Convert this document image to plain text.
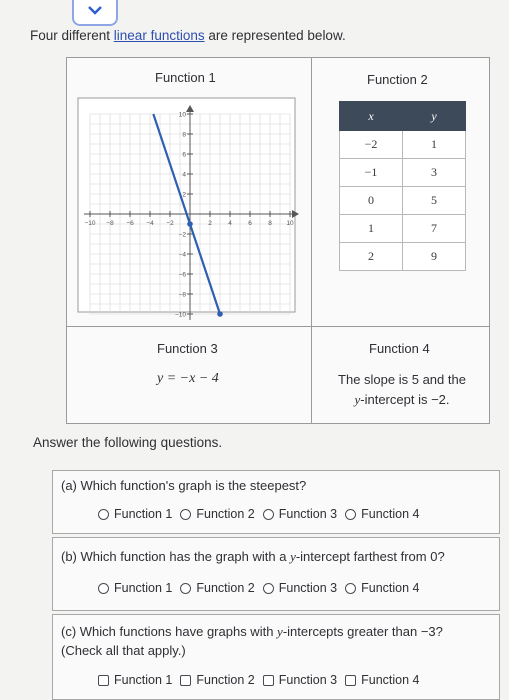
Four different linear functions are represented below.
Function 1	Function 2
−10 −8 −6 −4 −2	2	4	6	8 10
10
8
6
4
2
−2
−4
−6
−8
−10
x	y
−2	1
−1	3
0	5
1	7
2	9
Function 3	Function 4
y = −x − 4	The slope is 5 and the
y-intercept is −2.
Answer the following questions.
(a) Which function's graph is the steepest?
Function 1 Function 2 Function 3 Function 4
(b) Which function has the graph with a y-intercept farthest from 0?
Function 1 Function 2 Function 3 Function 4
(c) Which functions have graphs with y-intercepts greater than −3?
(Check all that apply.)
Function 1 Function 2 Function 3 Function 4
